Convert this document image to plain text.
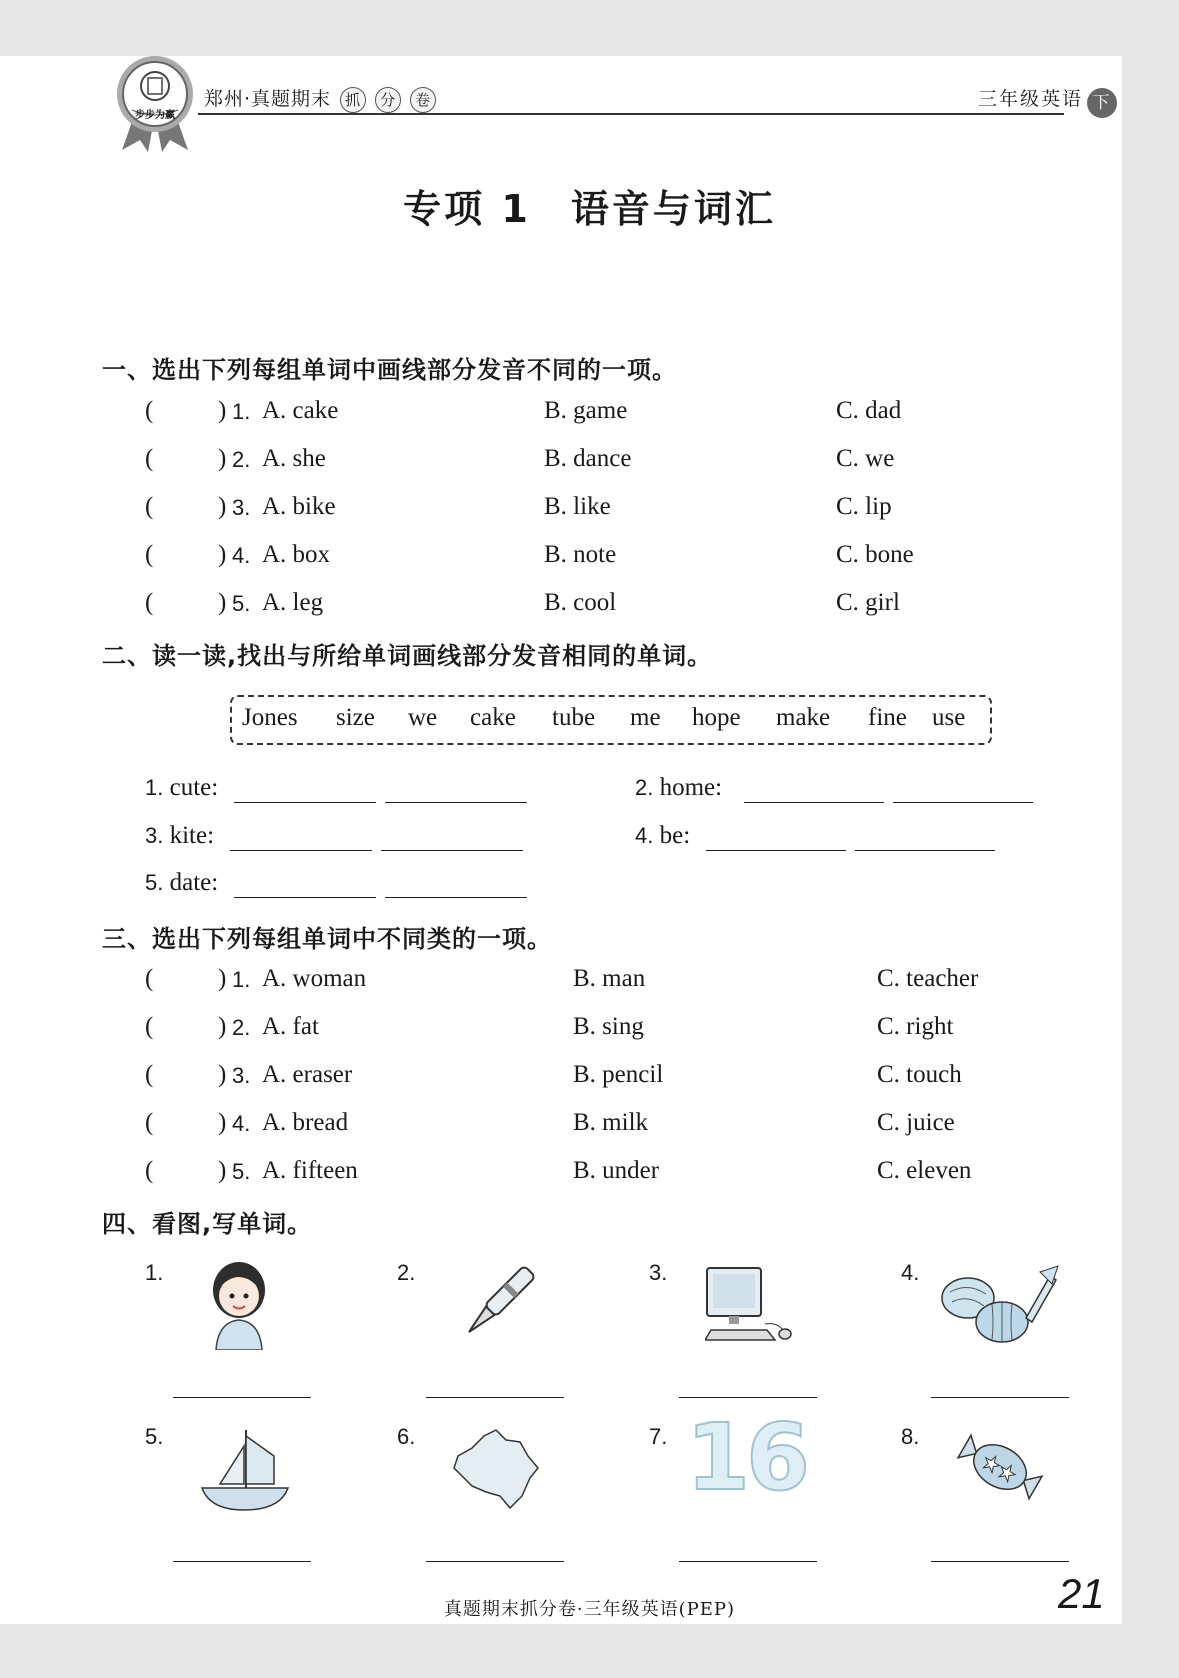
步步为赢
郑州·真题期末 抓 分 卷	三年级英语 下
专项 1 语音与词汇
一、选出下列每组单词中画线部分发音不同的一项。
(	) 1. A. cake	B. game	C. dad
(	) 2. A. she	B. dance	C. we
(	) 3. A. bike	B. like	C. lip
(	) 4. A. box	B. note	C. bone
(	) 5. A. leg	B. cool	C. girl
二、读一读,找出与所给单词画线部分发音相同的单词。
Jones size we cake tube me hope make fine use
1. cute:	2. home:
3. kite:	4. be:
5. date:
三、选出下列每组单词中不同类的一项。
(	) 1. A. woman	B. man	C. teacher
(	) 2. A. fat	B. sing	C. right
(	) 3. A. eraser	B. pencil	C. touch
(	) 4. A. bread	B. milk	C. juice
(	) 5. A. fifteen	B. under	C. eleven
四、看图,写单词。
1.	2.	3.	4.
5.	6.	7. 16	8.
真题期末抓分卷·三年级英语(PEP)	21
